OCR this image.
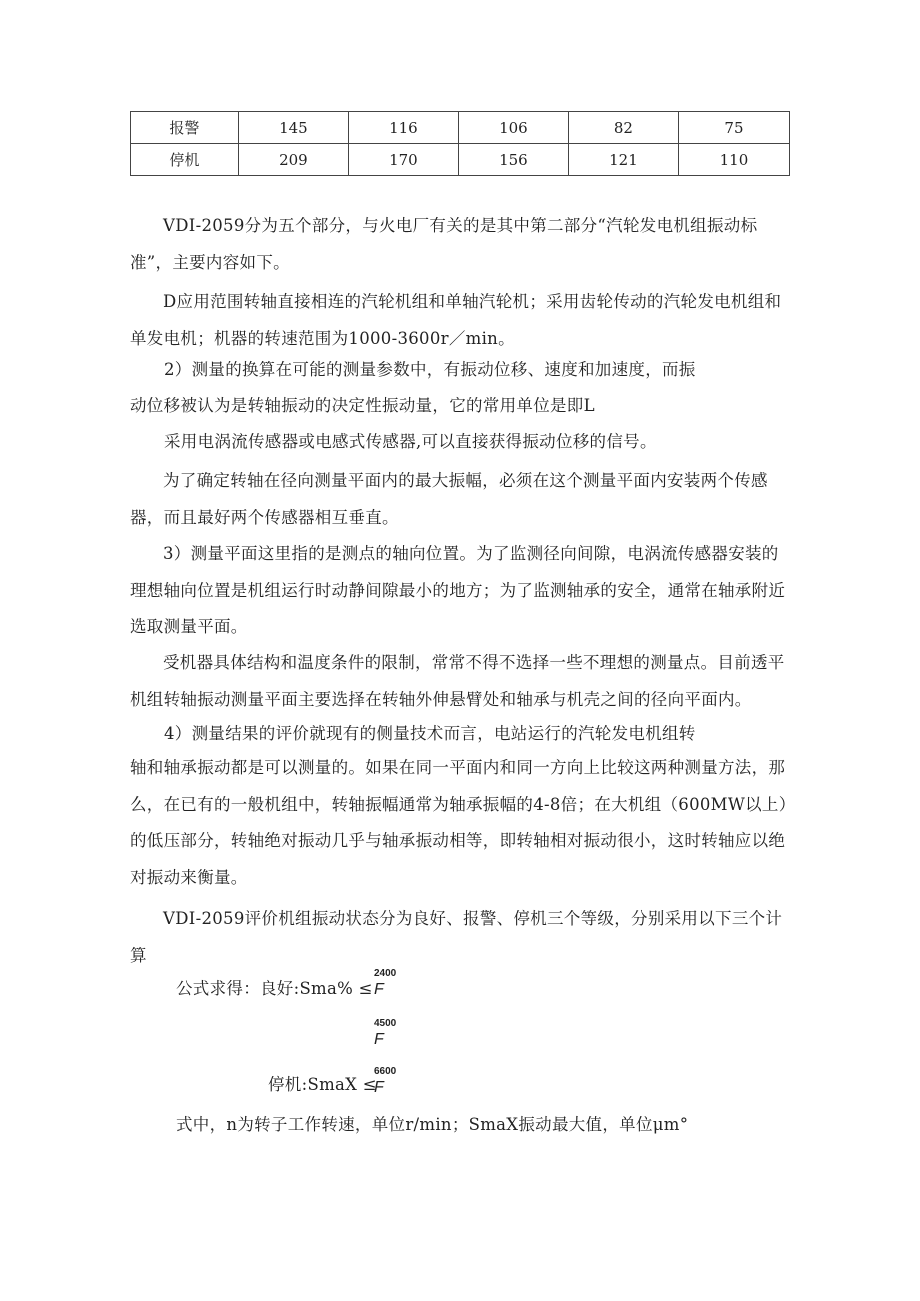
报警	145	116	106	82	75
停机	209	170	156	121	110

VDI-2059分为五个部分，与火电厂有关的是其中第二部分“汽轮发电机组振动标准”，主要内容如下。

D应用范围转轴直接相连的汽轮机组和单轴汽轮机；采用齿轮传动的汽轮发电机组和单发电机；机器的转速范围为1000-3600r／min。

2）测量的换算在可能的测量参数中，有振动位移、速度和加速度，而振

动位移被认为是转轴振动的决定性振动量，它的常用单位是即L

采用电涡流传感器或电感式传感器,可以直接获得振动位移的信号。

为了确定转轴在径向测量平面内的最大振幅，必须在这个测量平面内安装两个传感器，而且最好两个传感器相互垂直。

3）测量平面这里指的是测点的轴向位置。为了监测径向间隙，电涡流传感器安装的理想轴向位置是机组运行时动静间隙最小的地方；为了监测轴承的安全，通常在轴承附近选取测量平面。

受机器具体结构和温度条件的限制，常常不得不选择一些不理想的测量点。目前透平机组转轴振动测量平面主要选择在转轴外伸悬臂处和轴承与机壳之间的径向平面内。

4）测量结果的评价就现有的侧量技术而言，电站运行的汽轮发电机组转

轴和轴承振动都是可以测量的。如果在同一平面内和同一方向上比较这两种测量方法，那么，在已有的一般机组中，转轴振幅通常为轴承振幅的4-8倍；在大机组（600MW以上）的低压部分，转轴绝对振动几乎与轴承振动相等，即转轴相对振动很小，这时转轴应以绝对振动来衡量。

VDI-2059评价机组振动状态分为良好、报警、停机三个等级，分别采用以下三个计算

公式求得：良好:Sma% ≤

2400
F
4500
F

停机:SmaX ≤

6600
F

式中，n为转子工作转速，单位r/min；SmaX振动最大值，单位μm°
